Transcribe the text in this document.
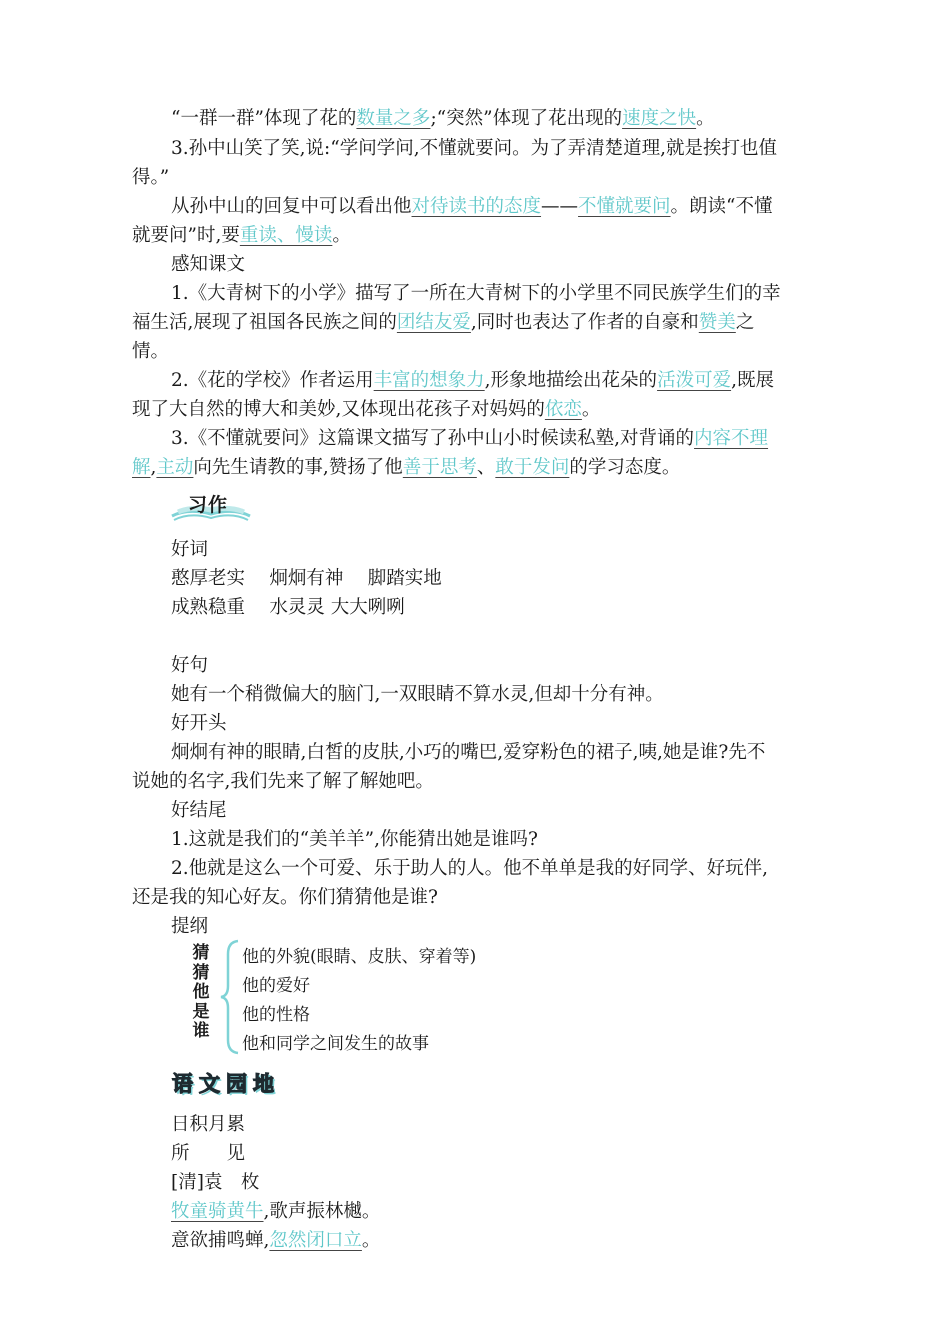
“一群一群”体现了花的数量之多;“突然”体现了花出现的速度之快。
3.孙中山笑了笑,说:“学问学问,不懂就要问。为了弄清楚道理,就是挨打也值
得。”
从孙中山的回复中可以看出他对待读书的态度——不懂就要问。朗读“不懂
就要问”时,要重读、慢读。
感知课文
1.《大青树下的小学》描写了一所在大青树下的小学里不同民族学生们的幸
福生活,展现了祖国各民族之间的团结友爱,同时也表达了作者的自豪和赞美之
情。
2.《花的学校》作者运用丰富的想象力,形象地描绘出花朵的活泼可爱,既展
现了大自然的博大和美妙,又体现出花孩子对妈妈的依恋。
3.《不懂就要问》这篇课文描写了孙中山小时候读私塾,对背诵的内容不理
解,主动向先生请教的事,赞扬了他善于思考、敢于发问的学习态度。
习作
好词
憨厚老实　 炯炯有神　 脚踏实地
成熟稳重　 水灵灵 大大咧咧
好句
她有一个稍微偏大的脑门,一双眼睛不算水灵,但却十分有神。
好开头
炯炯有神的眼睛,白皙的皮肤,小巧的嘴巴,爱穿粉色的裙子,咦,她是谁?先不
说她的名字,我们先来了解了解她吧。
好结尾
1.这就是我们的“美羊羊”,你能猜出她是谁吗?
2.他就是这么一个可爱、乐于助人的人。他不单单是我的好同学、好玩伴,
还是我的知心好友。你们猜猜他是谁?
提纲
猜
猜
他
是
谁
他的外貌(眼睛、皮肤、穿着等)
他的爱好
他的性格
他和同学之间发生的故事
语文园地
日积月累
所　　见
[清]袁　枚
牧童骑黄牛,歌声振林樾。
意欲捕鸣蝉,忽然闭口立。
